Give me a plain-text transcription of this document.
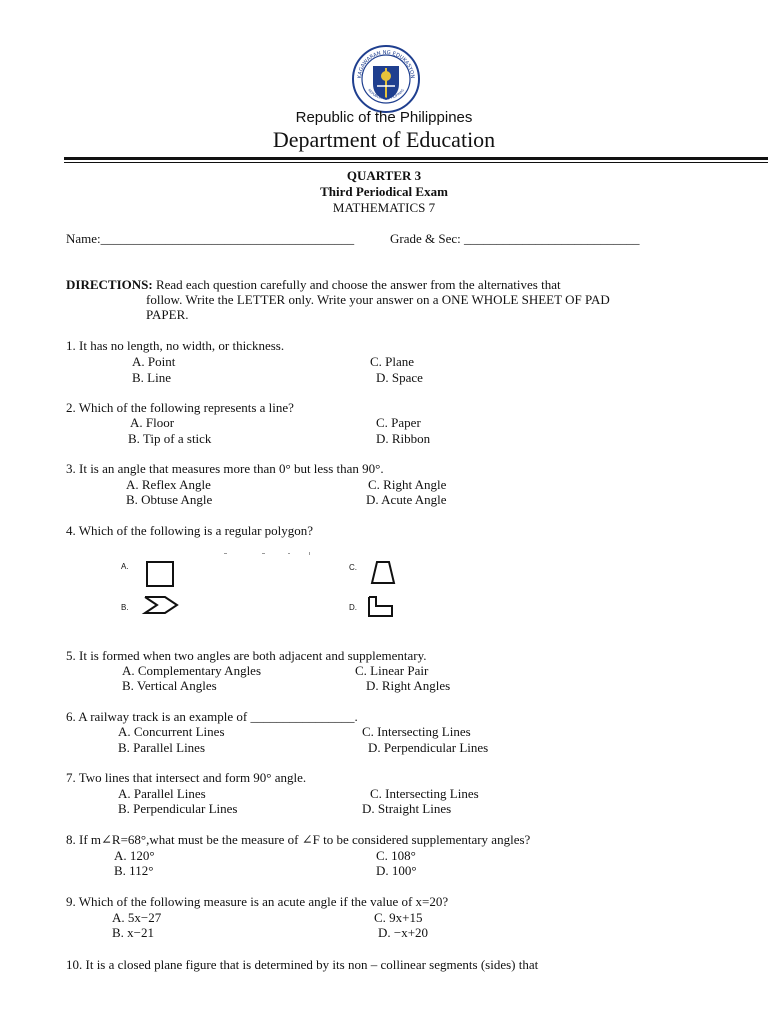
KAGAWARAN NG EDUKASYON
REPUBLIKA NG PILIPINAS
Republic of the Philippines
Department of Education
QUARTER 3
Third Periodical Exam
MATHEMATICS 7
Name:_______________________________________	Grade & Sec: ___________________________
DIRECTIONS: Read each question carefully and choose the answer from the alternatives that
follow. Write the LETTER only. Write your answer on a ONE WHOLE SHEET OF PAD
PAPER.
1. It has no length, no width, or thickness.
A. Point
B. Line
C. Plane
D. Space
2. Which of the following represents a line?
A. Floor
B. Tip of a stick
C. Paper
D. Ribbon
3. It is an angle that measures more than 0° but less than 90°.
A. Reflex Angle
B. Obtuse Angle
C. Right Angle
D. Acute Angle
4. Which of the following is a regular polygon?
A.
B.
C.
D.
5. It is formed when two angles are both adjacent and supplementary.
A. Complementary Angles
B. Vertical Angles
C. Linear Pair
D. Right Angles
6. A railway track is an example of ________________.
A. Concurrent Lines
B. Parallel Lines
C. Intersecting Lines
D. Perpendicular Lines
7. Two lines that intersect and form 90° angle.
A. Parallel Lines
B. Perpendicular Lines
C. Intersecting Lines
D. Straight Lines
8. If m∠R=68°,what must be the measure of ∠F to be considered supplementary angles?
A. 120°
B. 112°
C. 108°
D. 100°
9. Which of the following measure is an acute angle if the value of x=20?
A. 5x−27
B. x−21
C. 9x+15
D. −x+20
10. It is a closed plane figure that is determined by its non – collinear segments (sides) that
